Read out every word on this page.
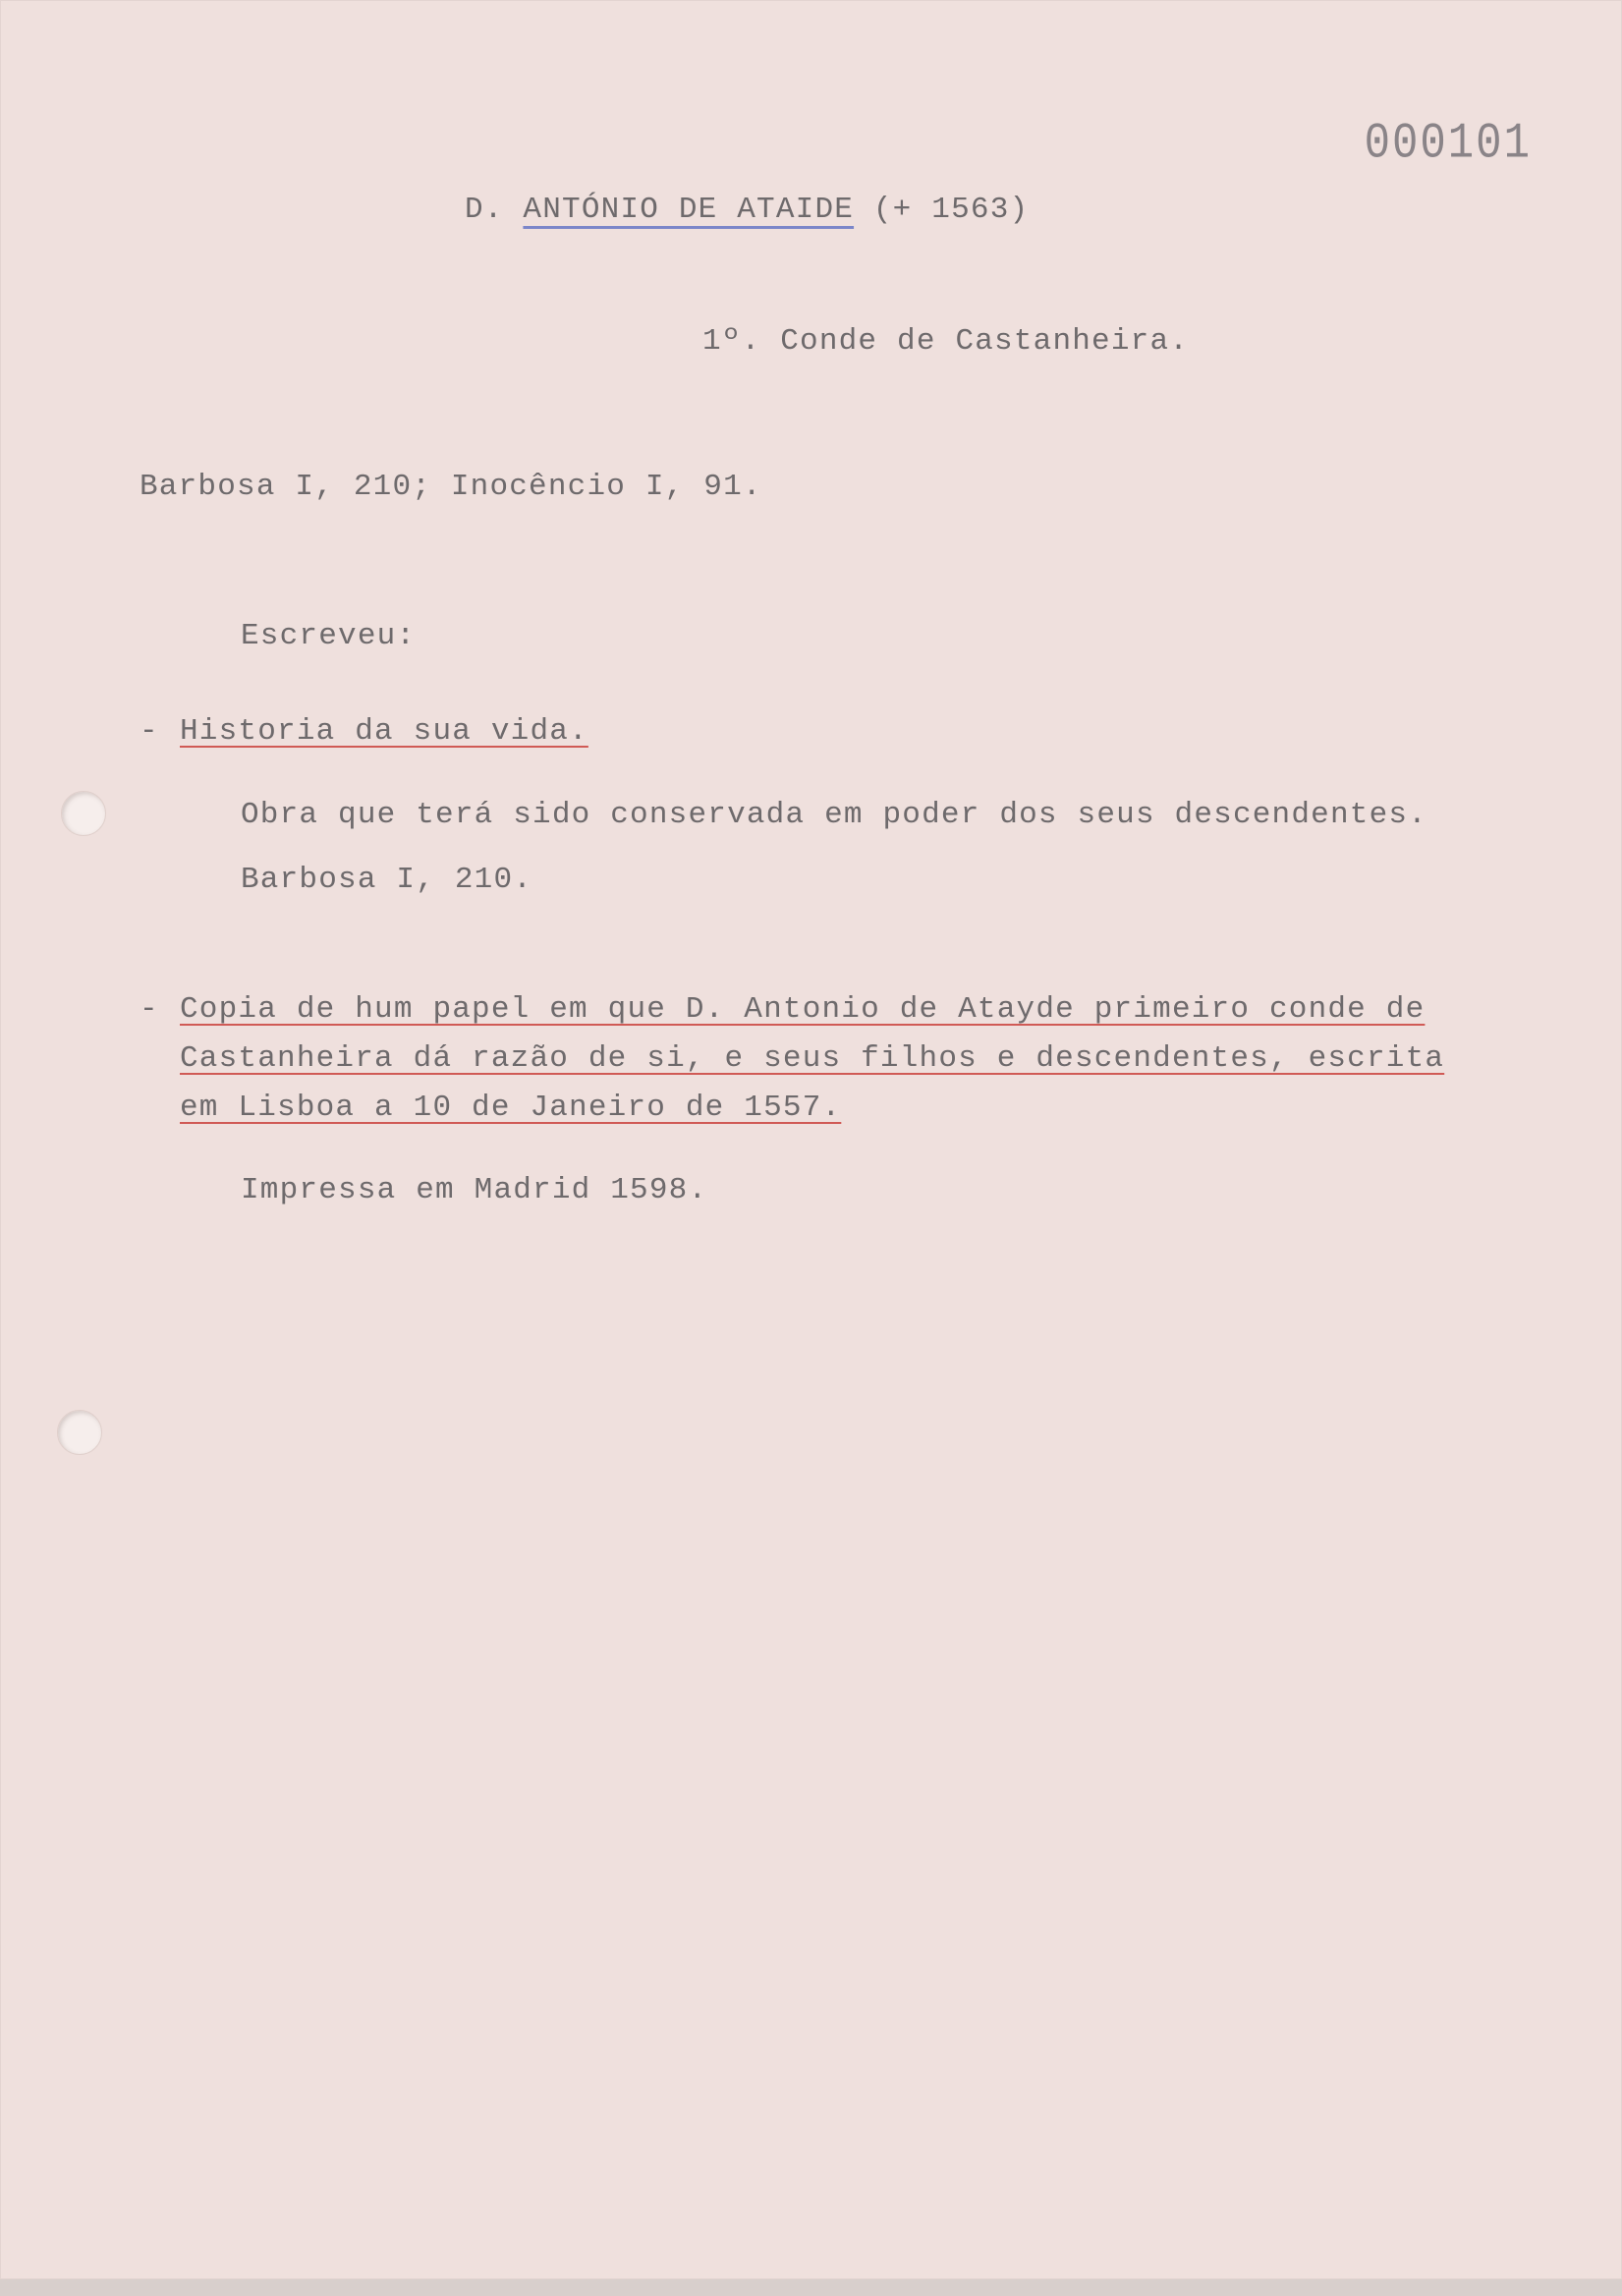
000101
D. ANTÓNIO DE ATAIDE (+ 1563)
1º. Conde de Castanheira.
Barbosa I, 210; Inocêncio I, 91.
Escreveu:
- Historia da sua vida.
Obra que terá sido conservada em poder dos seus descendentes.
Barbosa I, 210.
- Copia de hum papel em que D. Antonio de Atayde primeiro conde de
Castanheira dá razão de si, e seus filhos e descendentes, escrita
em Lisboa a 10 de Janeiro de 1557.
Impressa em Madrid 1598.
